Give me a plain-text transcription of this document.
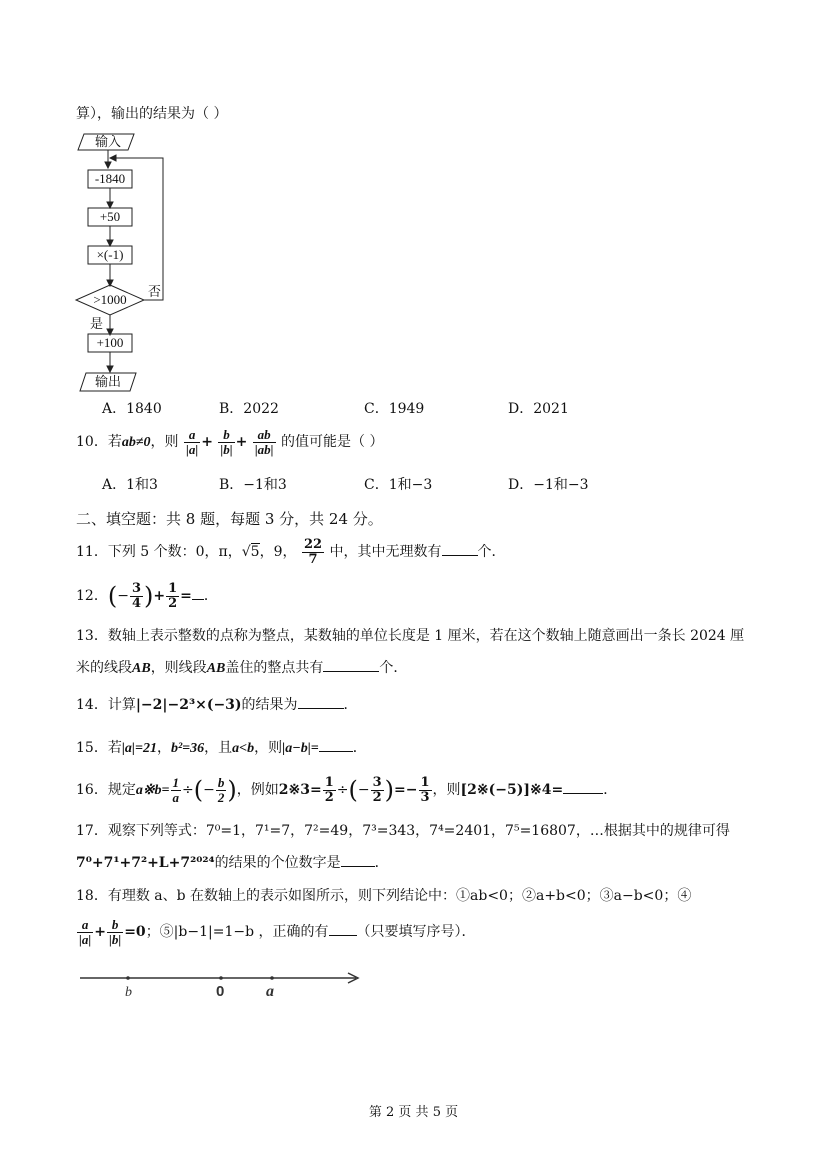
算），输出的结果为（ ）
输入
-1840
+50
×(-1)
>1000
否
是
+100
输出
A．1840	B．2022	C．1949	D．2021
10．若ab≠0，则 $\frac{a}{|a|} + \frac{b}{|b|} + \frac{ab}{|ab|}$ 的值可能是（ ）
A．1和3	B．−1和3	C．1和−3	D．−1和−3
二、填空题：共 8 题，每题 3 分，共 24 分。
11．下列 5 个数：0，π，√5，9， $\frac{22}{7}$ 中，其中无理数有	个．
12．(− $\frac{3}{4}$ )+ $\frac{1}{2}$ = ．
13．数轴上表示整数的点称为整点，某数轴的单位长度是 1 厘米，若在这个数轴上随意画出一条长 2024 厘
米的线段AB，则线段AB盖住的整点共有	个．
14．计算|−2|−2³×(−3)的结果为	．
15．若|a|=21，b²=36，且a<b，则|a−b|= ．
16．规定a※b= $\frac{1}{a}$ ÷(− $\frac{b}{2}$ )，例如2※3= $\frac{1}{2}$ ÷(− $\frac{3}{2}$ )=− $\frac{1}{3}$ ，则[2※(−5)]※4=	．
17．观察下列等式：7⁰=1，7¹=7，7²=49，7³=343，7⁴=2401，7⁵=16807，…根据其中的规律可得
7⁰+7¹+7²+L+7²⁰²⁴的结果的个位数字是 ．
18．有理数 a、b 在数轴上的表示如图所示，则下列结论中：①ab<0；②a+b<0；③a−b<0；④
$\frac{a}{|a|} + \frac{b}{|b|} =0$；⑤|b−1|=1−b ，正确的有 （只要填写序号）．
b	0	a
第 2 页 共 5 页
